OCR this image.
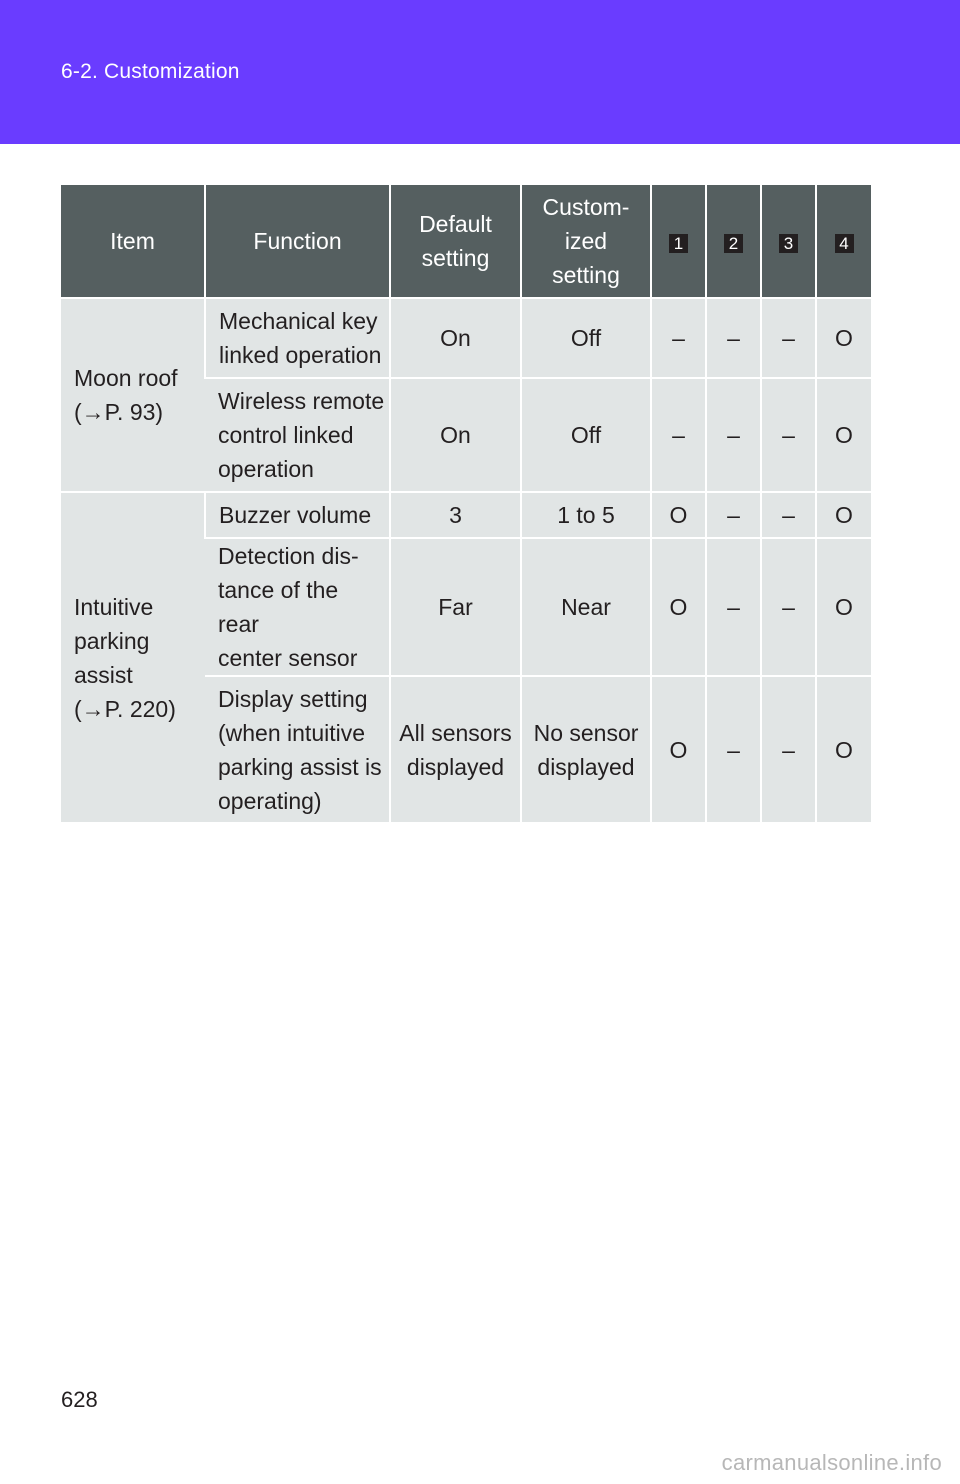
6-2. Customization
Item	Function	Default
setting	Custom-
ized
setting	1	2	3	4

Moon roof
(→P. 93)	Mechanical key
linked operation	On	Off	–	–	–	O

	Wireless remote
control linked
operation	On	Off	–	–	–	O

Intuitive
parking
assist
(→P. 220)	Buzzer volume	3	1 to 5	O	–	–	O

	Detection dis-
tance of the rear
center sensor	Far	Near	O	–	–	O

	Display setting
(when intuitive
parking assist is
operating)	All sensors
displayed	No sensor
displayed	O	–	–	O
628
carmanualsonline.info
